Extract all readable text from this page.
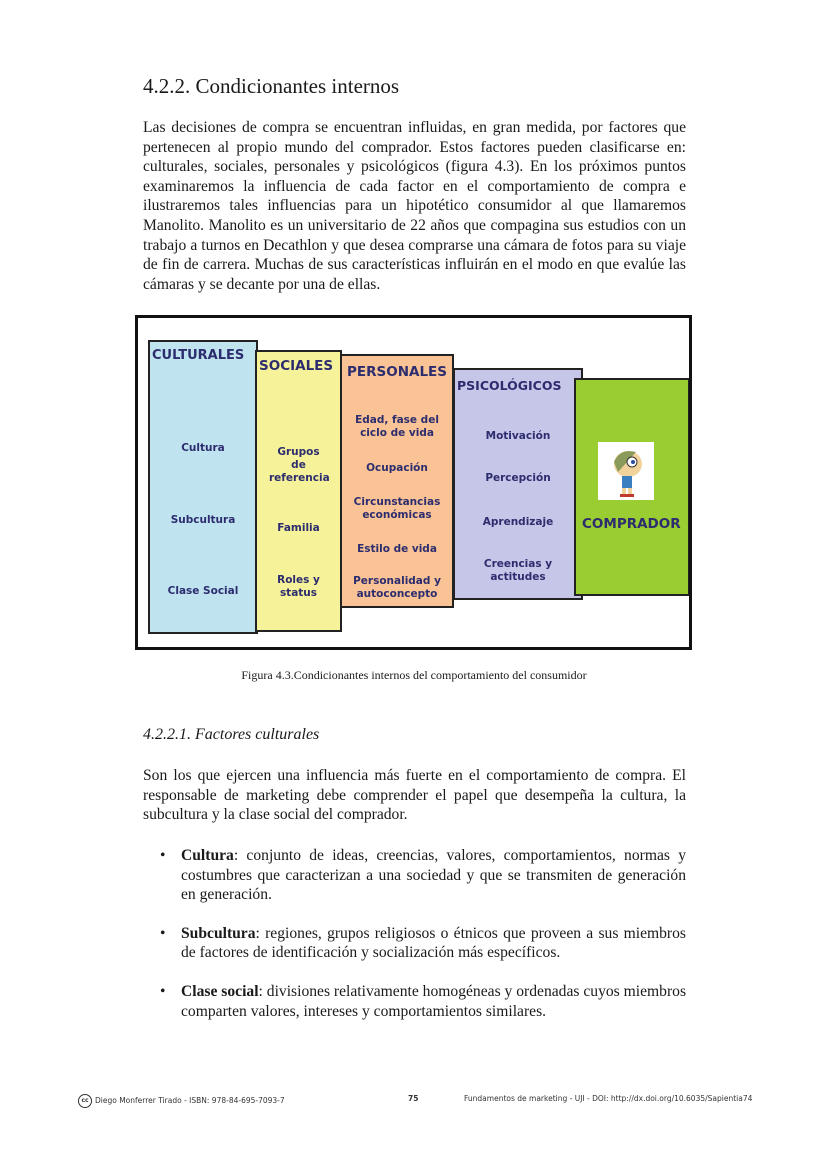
4.2.2. Condicionantes internos
Las decisiones de compra se encuentran influidas, en gran medida, por factores que pertenecen al propio mundo del comprador. Estos factores pueden clasificarse en: culturales, sociales, personales y psicológicos (figura 4.3). En los próximos puntos examinaremos la influencia de cada factor en el comportamiento de compra e ilustraremos tales influencias para un hipotético consumidor al que llamaremos Manolito. Manolito es un universitario de 22 años que compagina sus estudios con un trabajo a turnos en Decathlon y que desea comprarse una cámara de fotos para su viaje de fin de carrera. Muchas de sus características influirán en el modo en que evalúe las cámaras y se decante por una de ellas.
CULTURALES
Cultura
Subcultura
Clase Social
SOCIALES
Grupos de referencia
Familia
Roles y status
PERSONALES
Edad, fase del ciclo de vida
Ocupación
Circunstancias económicas
Estilo de vida
Personalidad y autoconcepto
PSICOLÓGICOS
Motivación
Percepción
Aprendizaje
Creencias y actitudes
COMPRADOR
Figura 4.3.Condicionantes internos del comportamiento del consumidor
4.2.2.1. Factores culturales
Son los que ejercen una influencia más fuerte en el comportamiento de compra. El responsable de marketing debe comprender el papel que desempeña la cultura, la subcultura y la clase social del comprador.
• Cultura: conjunto de ideas, creencias, valores, comportamientos, normas y costumbres que caracterizan a una sociedad y que se transmiten de generación en generación.
• Subcultura: regiones, grupos religiosos o étnicos que proveen a sus miembros de factores de identificación y socialización más específicos.
• Clase social: divisiones relativamente homogéneas y ordenadas cuyos miembros comparten valores, intereses y comportamientos similares.
cc Diego Monferrer Tirado - ISBN: 978-84-695-7093-7	75	Fundamentos de marketing - UJI - DOI: http://dx.doi.org/10.6035/Sapientia74
